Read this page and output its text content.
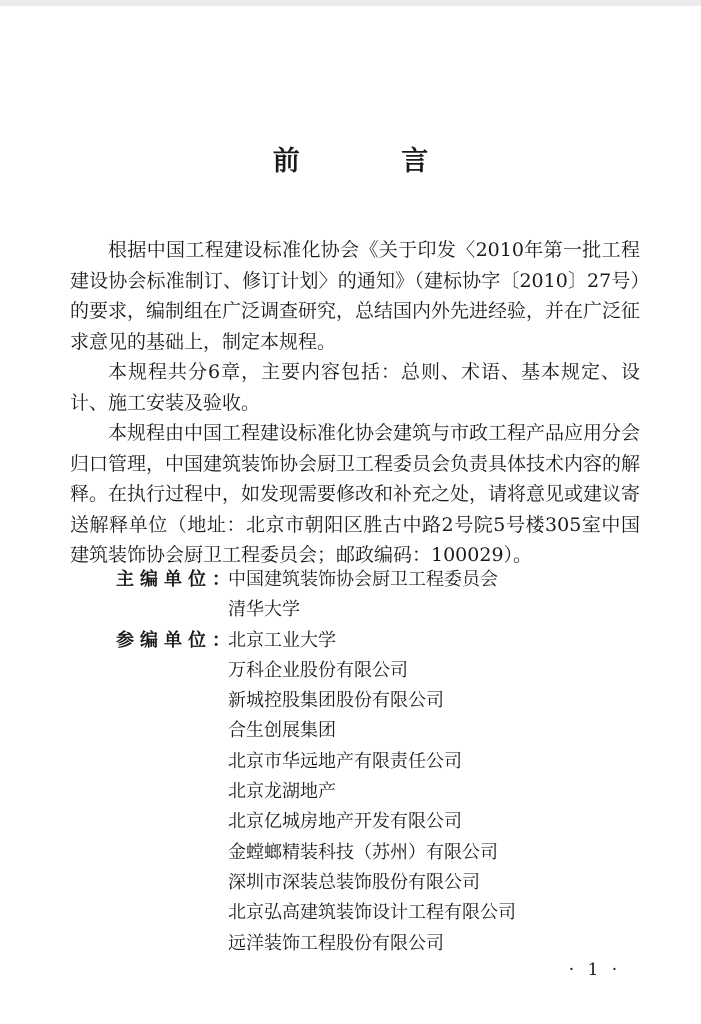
前 言

根据中国工程建设标准化协会《关于印发〈2010年第一批工程建设协会标准制订、修订计划〉的通知》（建标协字〔2010〕27号）的要求，编制组在广泛调查研究，总结国内外先进经验，并在广泛征求意见的基础上，制定本规程。

本规程共分6章，主要内容包括：总则、术语、基本规定、设计、施工安装及验收。

本规程由中国工程建设标准化协会建筑与市政工程产品应用分会归口管理，中国建筑装饰协会厨卫工程委员会负责具体技术内容的解释。在执行过程中，如发现需要修改和补充之处，请将意见或建议寄送解释单位（地址：北京市朝阳区胜古中路2号院5号楼305室中国建筑装饰协会厨卫工程委员会；邮政编码：100029）。

主编单位：
中国建筑装饰协会厨卫工程委员会
清华大学
参编单位：
北京工业大学
万科企业股份有限公司
新城控股集团股份有限公司
合生创展集团
北京市华远地产有限责任公司
北京龙湖地产
北京亿城房地产开发有限公司
金螳螂精装科技（苏州）有限公司
深圳市深装总装饰股份有限公司
北京弘高建筑装饰设计工程有限公司
远洋装饰工程股份有限公司
· 1 ·
